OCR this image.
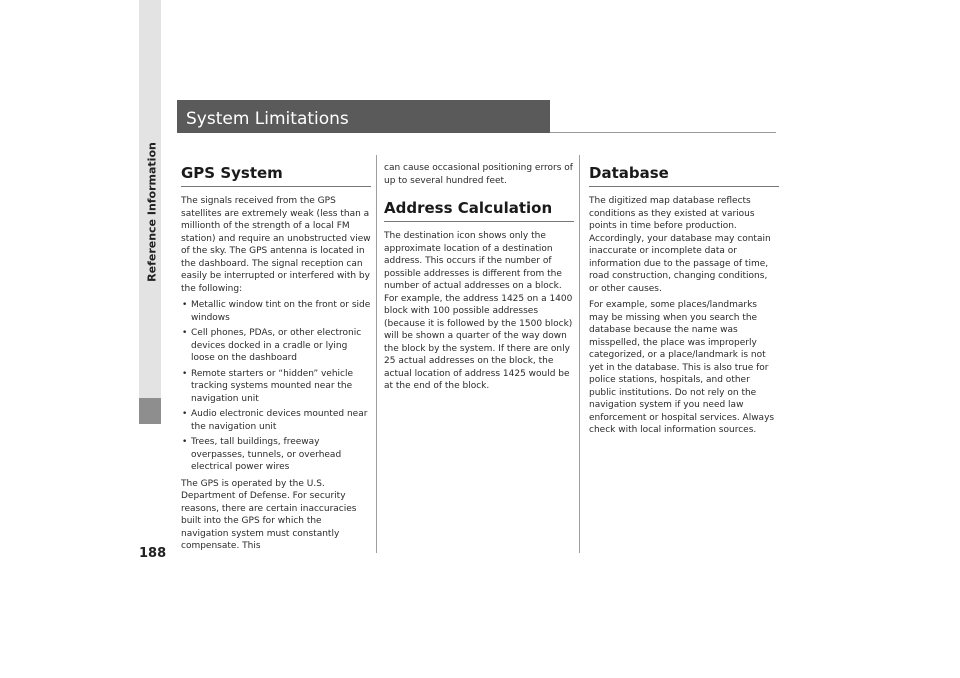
Reference Information
188
System Limitations
GPS System

The signals received from the GPS satellites are extremely weak (less than a millionth of the strength of a local FM station) and require an unobstructed view of the sky. The GPS antenna is located in the dashboard. The signal reception can easily be interrupted or interfered with by the following:

• Metallic window tint on the front or side windows
• Cell phones, PDAs, or other electronic devices docked in a cradle or lying loose on the dashboard
• Remote starters or “hidden” vehicle tracking systems mounted near the navigation unit
• Audio electronic devices mounted near the navigation unit
• Trees, tall buildings, freeway overpasses, tunnels, or overhead electrical power wires

The GPS is operated by the U.S. Department of Defense. For security reasons, there are certain inaccuracies built into the GPS for which the navigation system must constantly compensate. This

can cause occasional positioning errors of up to several hundred feet.

Address Calculation

The destination icon shows only the approximate location of a destination address. This occurs if the number of possible addresses is different from the number of actual addresses on a block. For example, the address 1425 on a 1400 block with 100 possible addresses (because it is followed by the 1500 block) will be shown a quarter of the way down the block by the system. If there are only 25 actual addresses on the block, the actual location of address 1425 would be at the end of the block.

Database

The digitized map database reflects conditions as they existed at various points in time before production. Accordingly, your database may contain inaccurate or incomplete data or information due to the passage of time, road construction, changing conditions, or other causes.

For example, some places/landmarks may be missing when you search the database because the name was misspelled, the place was improperly categorized, or a place/landmark is not yet in the database. This is also true for police stations, hospitals, and other public institutions. Do not rely on the navigation system if you need law enforcement or hospital services. Always check with local information sources.
